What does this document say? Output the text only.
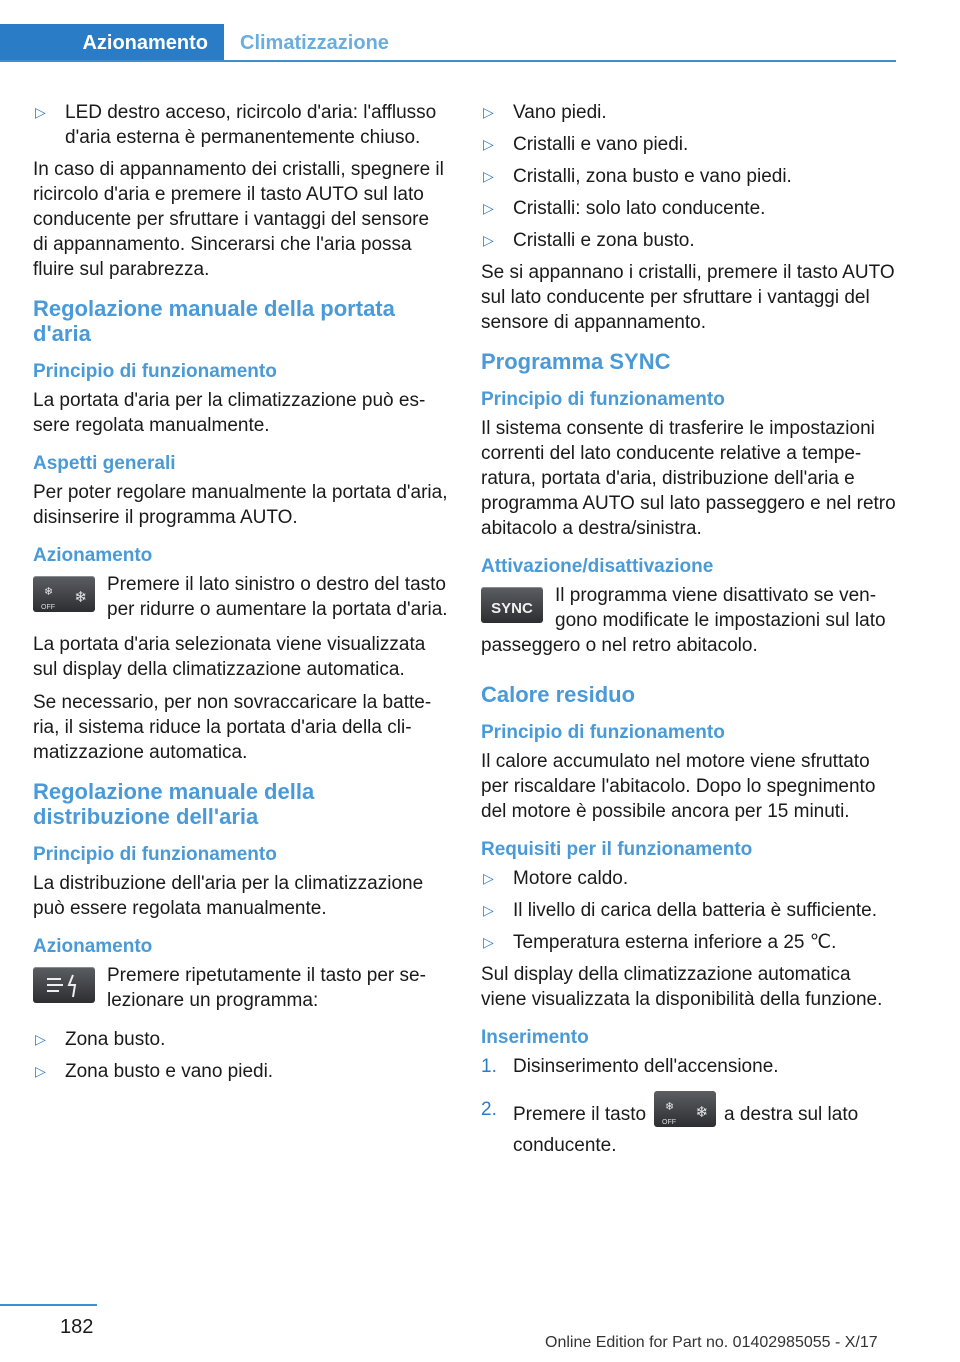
Azionamento	Climatizzazione
▷ LED destro acceso, ricircolo d'aria: l'afflusso d'aria esterna è permanentemente chiuso.

In caso di appannamento dei cristalli, spegnere il ricircolo d'aria e premere il tasto AUTO sul lato conducente per sfruttare i vantaggi del sensore di appannamento. Sincerarsi che l'aria possa fluire sul parabrezza.

Regolazione manuale della portata d'aria
Principio di funzionamento

La portata d'aria per la climatizzazione può essere regolata manualmente.

Aspetti generali

Per poter regolare manualmente la portata d'aria, disinserire il programma AUTO.

Azionamento
❄
OFF
❄
Premere il lato sinistro o destro del tasto per ridurre o aumentare la portata d'aria.

La portata d'aria selezionata viene visualizzata sul display della climatizzazione automatica.

Se necessario, per non sovraccaricare la batteria, il sistema riduce la portata d'aria della climatizzazione automatica.

Regolazione manuale della distribuzione dell'aria
Principio di funzionamento

La distribuzione dell'aria per la climatizzazione può essere regolata manualmente.

Azionamento
Premere ripetutamente il tasto per selezionare un programma:
▷ Zona busto.
▷ Zona busto e vano piedi.
▷ Vano piedi.
▷ Cristalli e vano piedi.
▷ Cristalli, zona busto e vano piedi.
▷ Cristalli: solo lato conducente.
▷ Cristalli e zona busto.

Se si appannano i cristalli, premere il tasto AUTO sul lato conducente per sfruttare i vantaggi del sensore di appannamento.

Programma SYNC
Principio di funzionamento

Il sistema consente di trasferire le impostazioni correnti del lato conducente relative a temperatura, portata d'aria, distribuzione dell'aria e programma AUTO sul lato passeggero e nel retro abitacolo a destra/sinistra.

Attivazione/disattivazione
SYNC
Il programma viene disattivato se vengono modificate le impostazioni sul lato passeggero o nel retro abitacolo.
Calore residuo
Principio di funzionamento

Il calore accumulato nel motore viene sfruttato per riscaldare l'abitacolo. Dopo lo spegnimento del motore è possibile ancora per 15 minuti.

Requisiti per il funzionamento
▷ Motore caldo.
▷ Il livello di carica della batteria è sufficiente.
▷ Temperatura esterna inferiore a 25 ℃.

Sul display della climatizzazione automatica viene visualizzata la disponibilità della funzione.

Inserimento
1. Disinserimento dell'accensione.
2. Premere il tasto ❄
OFF
❄ a destra sul lato conducente.
182
Online Edition for Part no. 01402985055 - X/17
